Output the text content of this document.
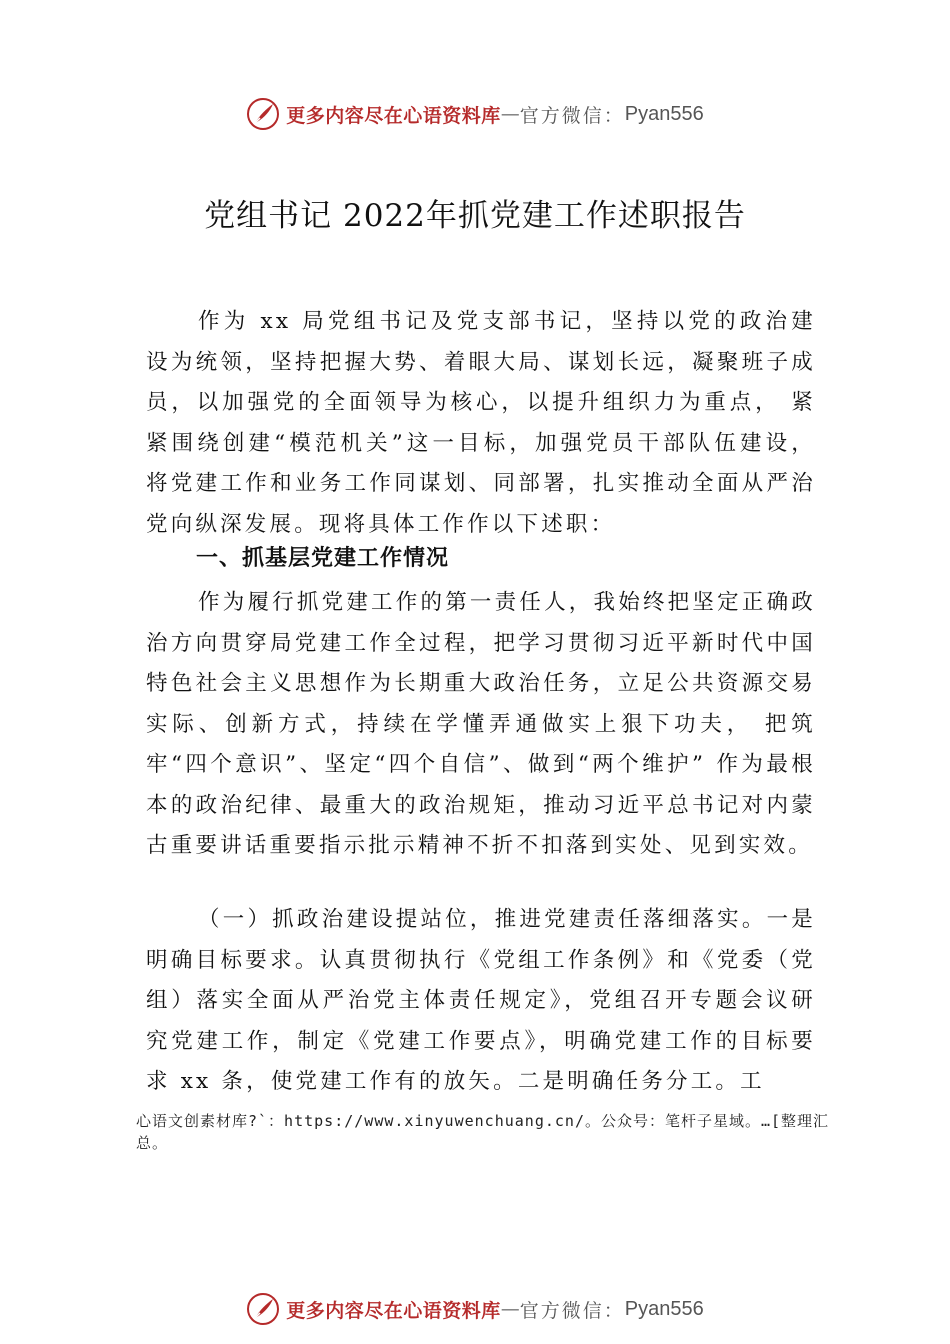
更多内容尽在心语资料库 — 官方微信： Pyan556
党组书记 2022年抓党建工作述职报告

作为 xx 局党组书记及党支部书记，坚持以党的政治建设为统领，坚持把握大势、着眼大局、谋划长远，凝聚班子成员，以加强党的全面领导为核心，以提升组织力为重点， 紧紧围绕创建“模范机关”这一目标，加强党员干部队伍建设，将党建工作和业务工作同谋划、同部署，扎实推动全面从严治党向纵深发展。现将具体工作作以下述职：

一、抓基层党建工作情况

作为履行抓党建工作的第一责任人，我始终把坚定正确政治方向贯穿局党建工作全过程，把学习贯彻习近平新时代中国特色社会主义思想作为长期重大政治任务，立足公共资源交易实际、创新方式，持续在学懂弄通做实上狠下功夫， 把筑牢“四个意识”、坚定“四个自信”、做到“两个维护” 作为最根本的政治纪律、最重大的政治规矩，推动习近平总书记对内蒙古重要讲话重要指示批示精神不折不扣落到实处、见到实效。

（一）抓政治建设提站位，推进党建责任落细落实。一是明确目标要求。认真贯彻执行《党组工作条例》和《党委（党组）落实全面从严治党主体责任规定》，党组召开专题会议研究党建工作，制定《党建工作要点》，明确党建工作的目标要求 xx 条，使党建工作有的放矢。二是明确任务分工。工

心语文创素材库?`：https://www.xinyuwenchuang.cn/。公众号：笔杆子星域。…[整理汇总。

更多内容尽在心语资料库 — 官方微信： Pyan556
